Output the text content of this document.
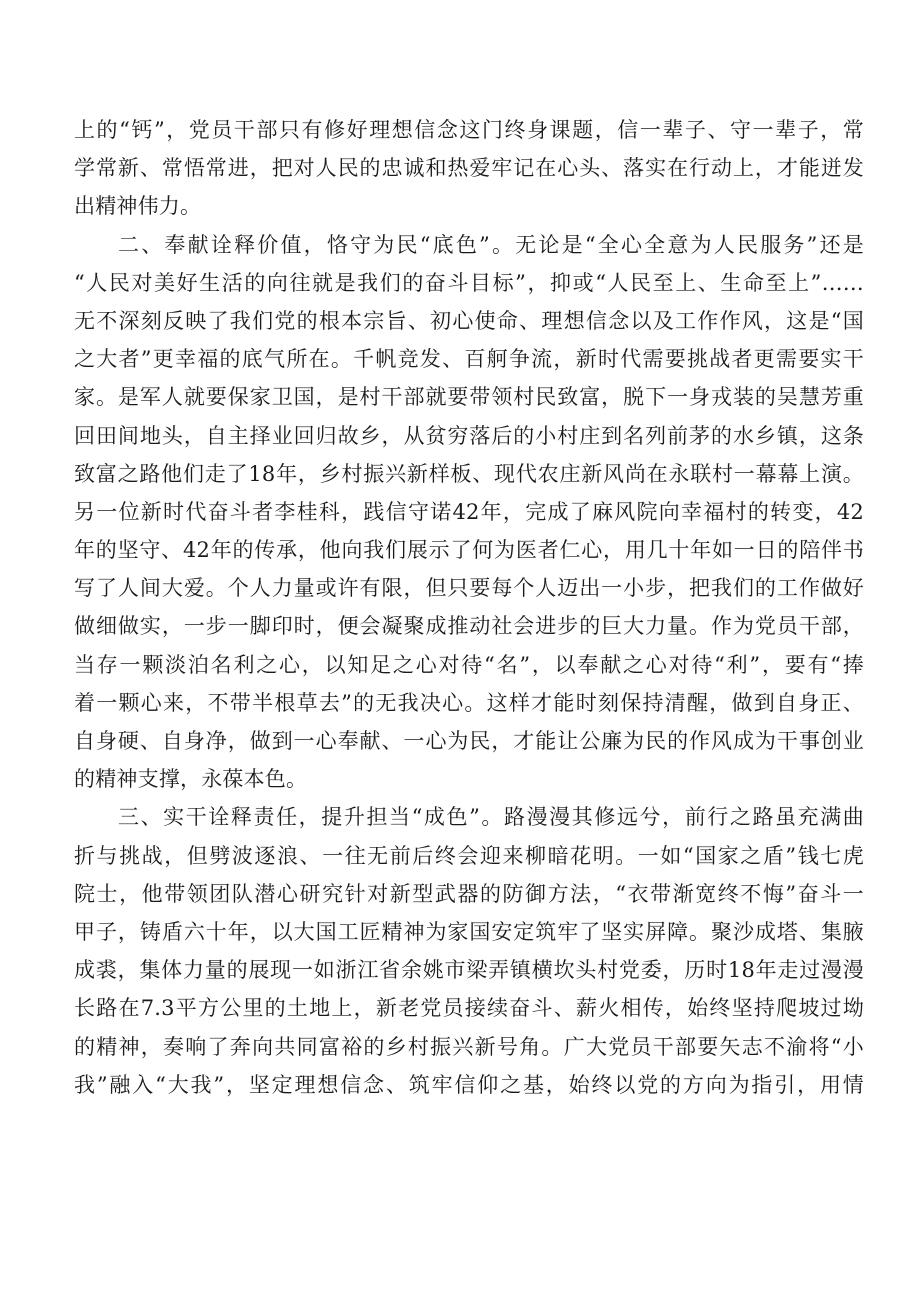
上的“钙”，党员干部只有修好理想信念这门终身课题，信一辈子、守一辈子，常
学常新、常悟常进，把对人民的忠诚和热爱牢记在心头、落实在行动上，才能迸发
出精神伟力。
二、奉献诠释价值，恪守为民“底色”。无论是“全心全意为人民服务”还是
“人民对美好生活的向往就是我们的奋斗目标”，抑或“人民至上、生命至上”……
无不深刻反映了我们党的根本宗旨、初心使命、理想信念以及工作作风，这是“国
之大者”更幸福的底气所在。千帆竞发、百舸争流，新时代需要挑战者更需要实干
家。是军人就要保家卫国，是村干部就要带领村民致富，脱下一身戎装的吴慧芳重
回田间地头，自主择业回归故乡，从贫穷落后的小村庄到名列前茅的水乡镇，这条
致富之路他们走了18年，乡村振兴新样板、现代农庄新风尚在永联村一幕幕上演。
另一位新时代奋斗者李桂科，践信守诺42年，完成了麻风院向幸福村的转变，42
年的坚守、42年的传承，他向我们展示了何为医者仁心，用几十年如一日的陪伴书
写了人间大爱。个人力量或许有限，但只要每个人迈出一小步，把我们的工作做好
做细做实，一步一脚印时，便会凝聚成推动社会进步的巨大力量。作为党员干部，
当存一颗淡泊名利之心，以知足之心对待“名”，以奉献之心对待“利”，要有“捧
着一颗心来，不带半根草去”的无我决心。这样才能时刻保持清醒，做到自身正、
自身硬、自身净，做到一心奉献、一心为民，才能让公廉为民的作风成为干事创业
的精神支撑，永葆本色。
三、实干诠释责任，提升担当“成色”。路漫漫其修远兮，前行之路虽充满曲
折与挑战，但劈波逐浪、一往无前后终会迎来柳暗花明。一如“国家之盾”钱七虎
院士，他带领团队潜心研究针对新型武器的防御方法，“衣带渐宽终不悔”奋斗一
甲子，铸盾六十年，以大国工匠精神为家国安定筑牢了坚实屏障。聚沙成塔、集腋
成裘，集体力量的展现一如浙江省余姚市梁弄镇横坎头村党委，历时18年走过漫漫
长路在7.3平方公里的土地上，新老党员接续奋斗、薪火相传，始终坚持爬坡过坳
的精神，奏响了奔向共同富裕的乡村振兴新号角。广大党员干部要矢志不渝将“小
我”融入“大我”，坚定理想信念、筑牢信仰之基，始终以党的方向为指引，用情
